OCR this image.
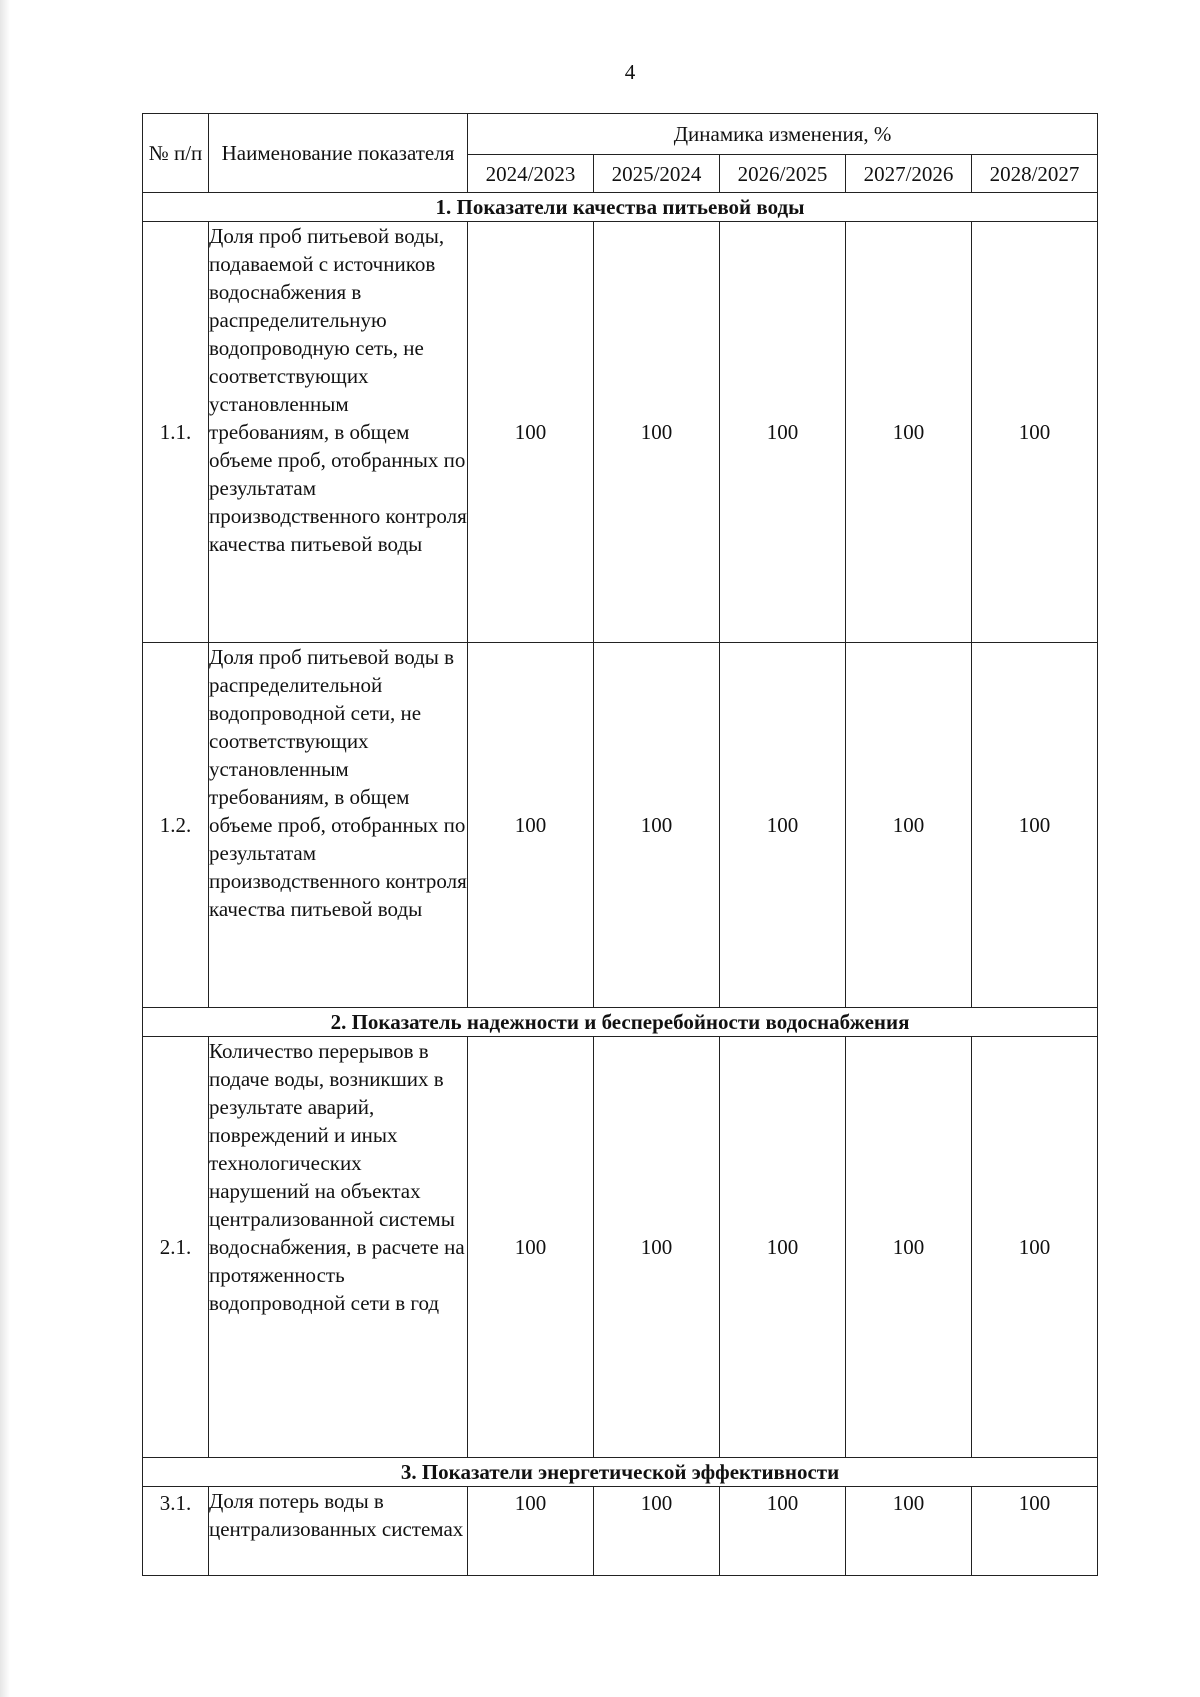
4
№ п/п	Наименование показателя	Динамика изменения, %				
		2024/2023	2025/2024	2026/2025	2027/2026	2028/2027
1. Показатели качества питьевой воды						
1.1.	Доля проб питьевой воды, подаваемой с источников водоснабжения в распределительную водопроводную сеть, не соответствующих установленным требованиям, в общем объеме проб, отобранных по результатам производственного контроля качества питьевой воды	100	100	100	100	100
1.2.	Доля проб питьевой воды в распределительной водопроводной сети, не соответствующих установленным требованиям, в общем объеме проб, отобранных по результатам производственного контроля качества питьевой воды	100	100	100	100	100
2. Показатель надежности и бесперебойности водоснабжения						
2.1.	Количество перерывов в подаче воды, возникших в результате аварий, повреждений и иных технологических нарушений на объектах централизованной системы водоснабжения, в расчете на протяженность водопроводной сети в год	100	100	100	100	100
3. Показатели энергетической эффективности						
3.1.	Доля потерь воды в централизованных системах	100	100	100	100	100
